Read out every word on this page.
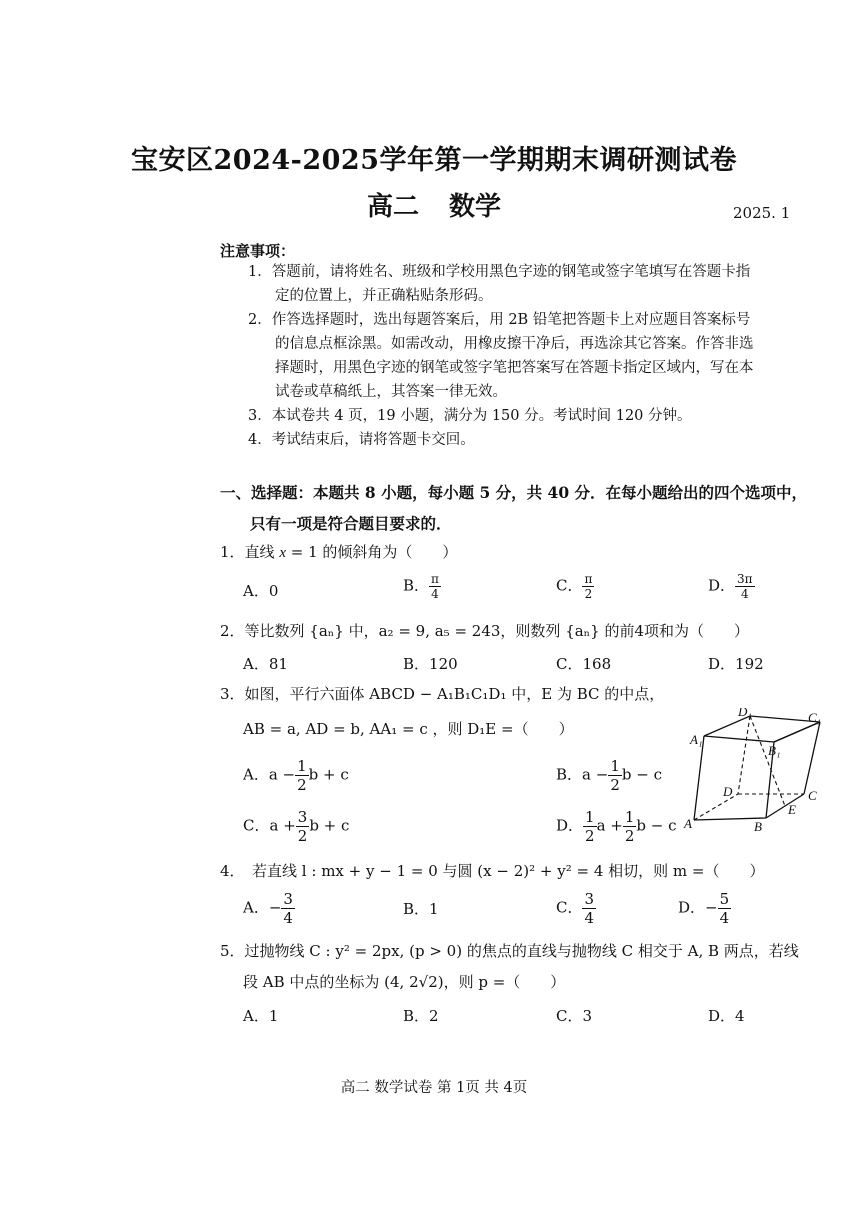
宝安区2024-2025学年第一学期期末调研测试卷
高二 数学	2025. 1
注意事项：
1．答题前，请将姓名、班级和学校用黑色字迹的钢笔或签字笔填写在答题卡指
定的位置上，并正确粘贴条形码。
2．作答选择题时，选出每题答案后，用 2B 铅笔把答题卡上对应题目答案标号
的信息点框涂黑。如需改动，用橡皮擦干净后，再选涂其它答案。作答非选
择题时，用黑色字迹的钢笔或签字笔把答案写在答题卡指定区域内，写在本
试卷或草稿纸上，其答案一律无效。
3．本试卷共 4 页，19 小题，满分为 150 分。考试时间 120 分钟。
4．考试结束后，请将答题卡交回。
一、选择题：本题共 8 小题，每小题 5 分，共 40 分．在每小题给出的四个选项中，
只有一项是符合题目要求的．
1．直线 x = 1 的倾斜角为（　　）
A．0	B． $\frac{\pi}{4}$	C． $\frac{\pi}{2}$	D． $\frac{3\pi}{4}$
2．等比数列 {aₙ} 中，a₂ = 9, a₅ = 243，则数列 {aₙ} 的前4项和为（　　）
A．81	B．120	C．168	D．192
3．如图，平行六面体 ABCD − A₁B₁C₁D₁ 中，E 为 BC 的中点，
AB = a, AD = b, AA₁ = c ，则 D₁E =（　　）
A．$a - \frac{1}{2}$ b + c	B．$a - \frac{1}{2}$ b − c
C．$a + \frac{3}{2}$ b + c	D． $\frac{1}{2}$ $a + \frac{1}{2}$ b − c
D₁	C₁
A₁
B₁
D	C
A	B
E
4．　若直线 l : mx + y − 1 = 0 与圆 (x − 2)² + y² = 4 相切，则 m =（　　）
A．− $\frac{3}{4}$	B．1	C． $\frac{3}{4}$	D．− $\frac{5}{4}$
5．过抛物线 C : y² = 2px, (p > 0) 的焦点的直线与抛物线 C 相交于 A, B 两点，若线
段 AB 中点的坐标为 (4, 2√2)，则 p =（　　）
A．1	B．2	C．3	D．4
高二 数学试卷 第 1页 共 4页
